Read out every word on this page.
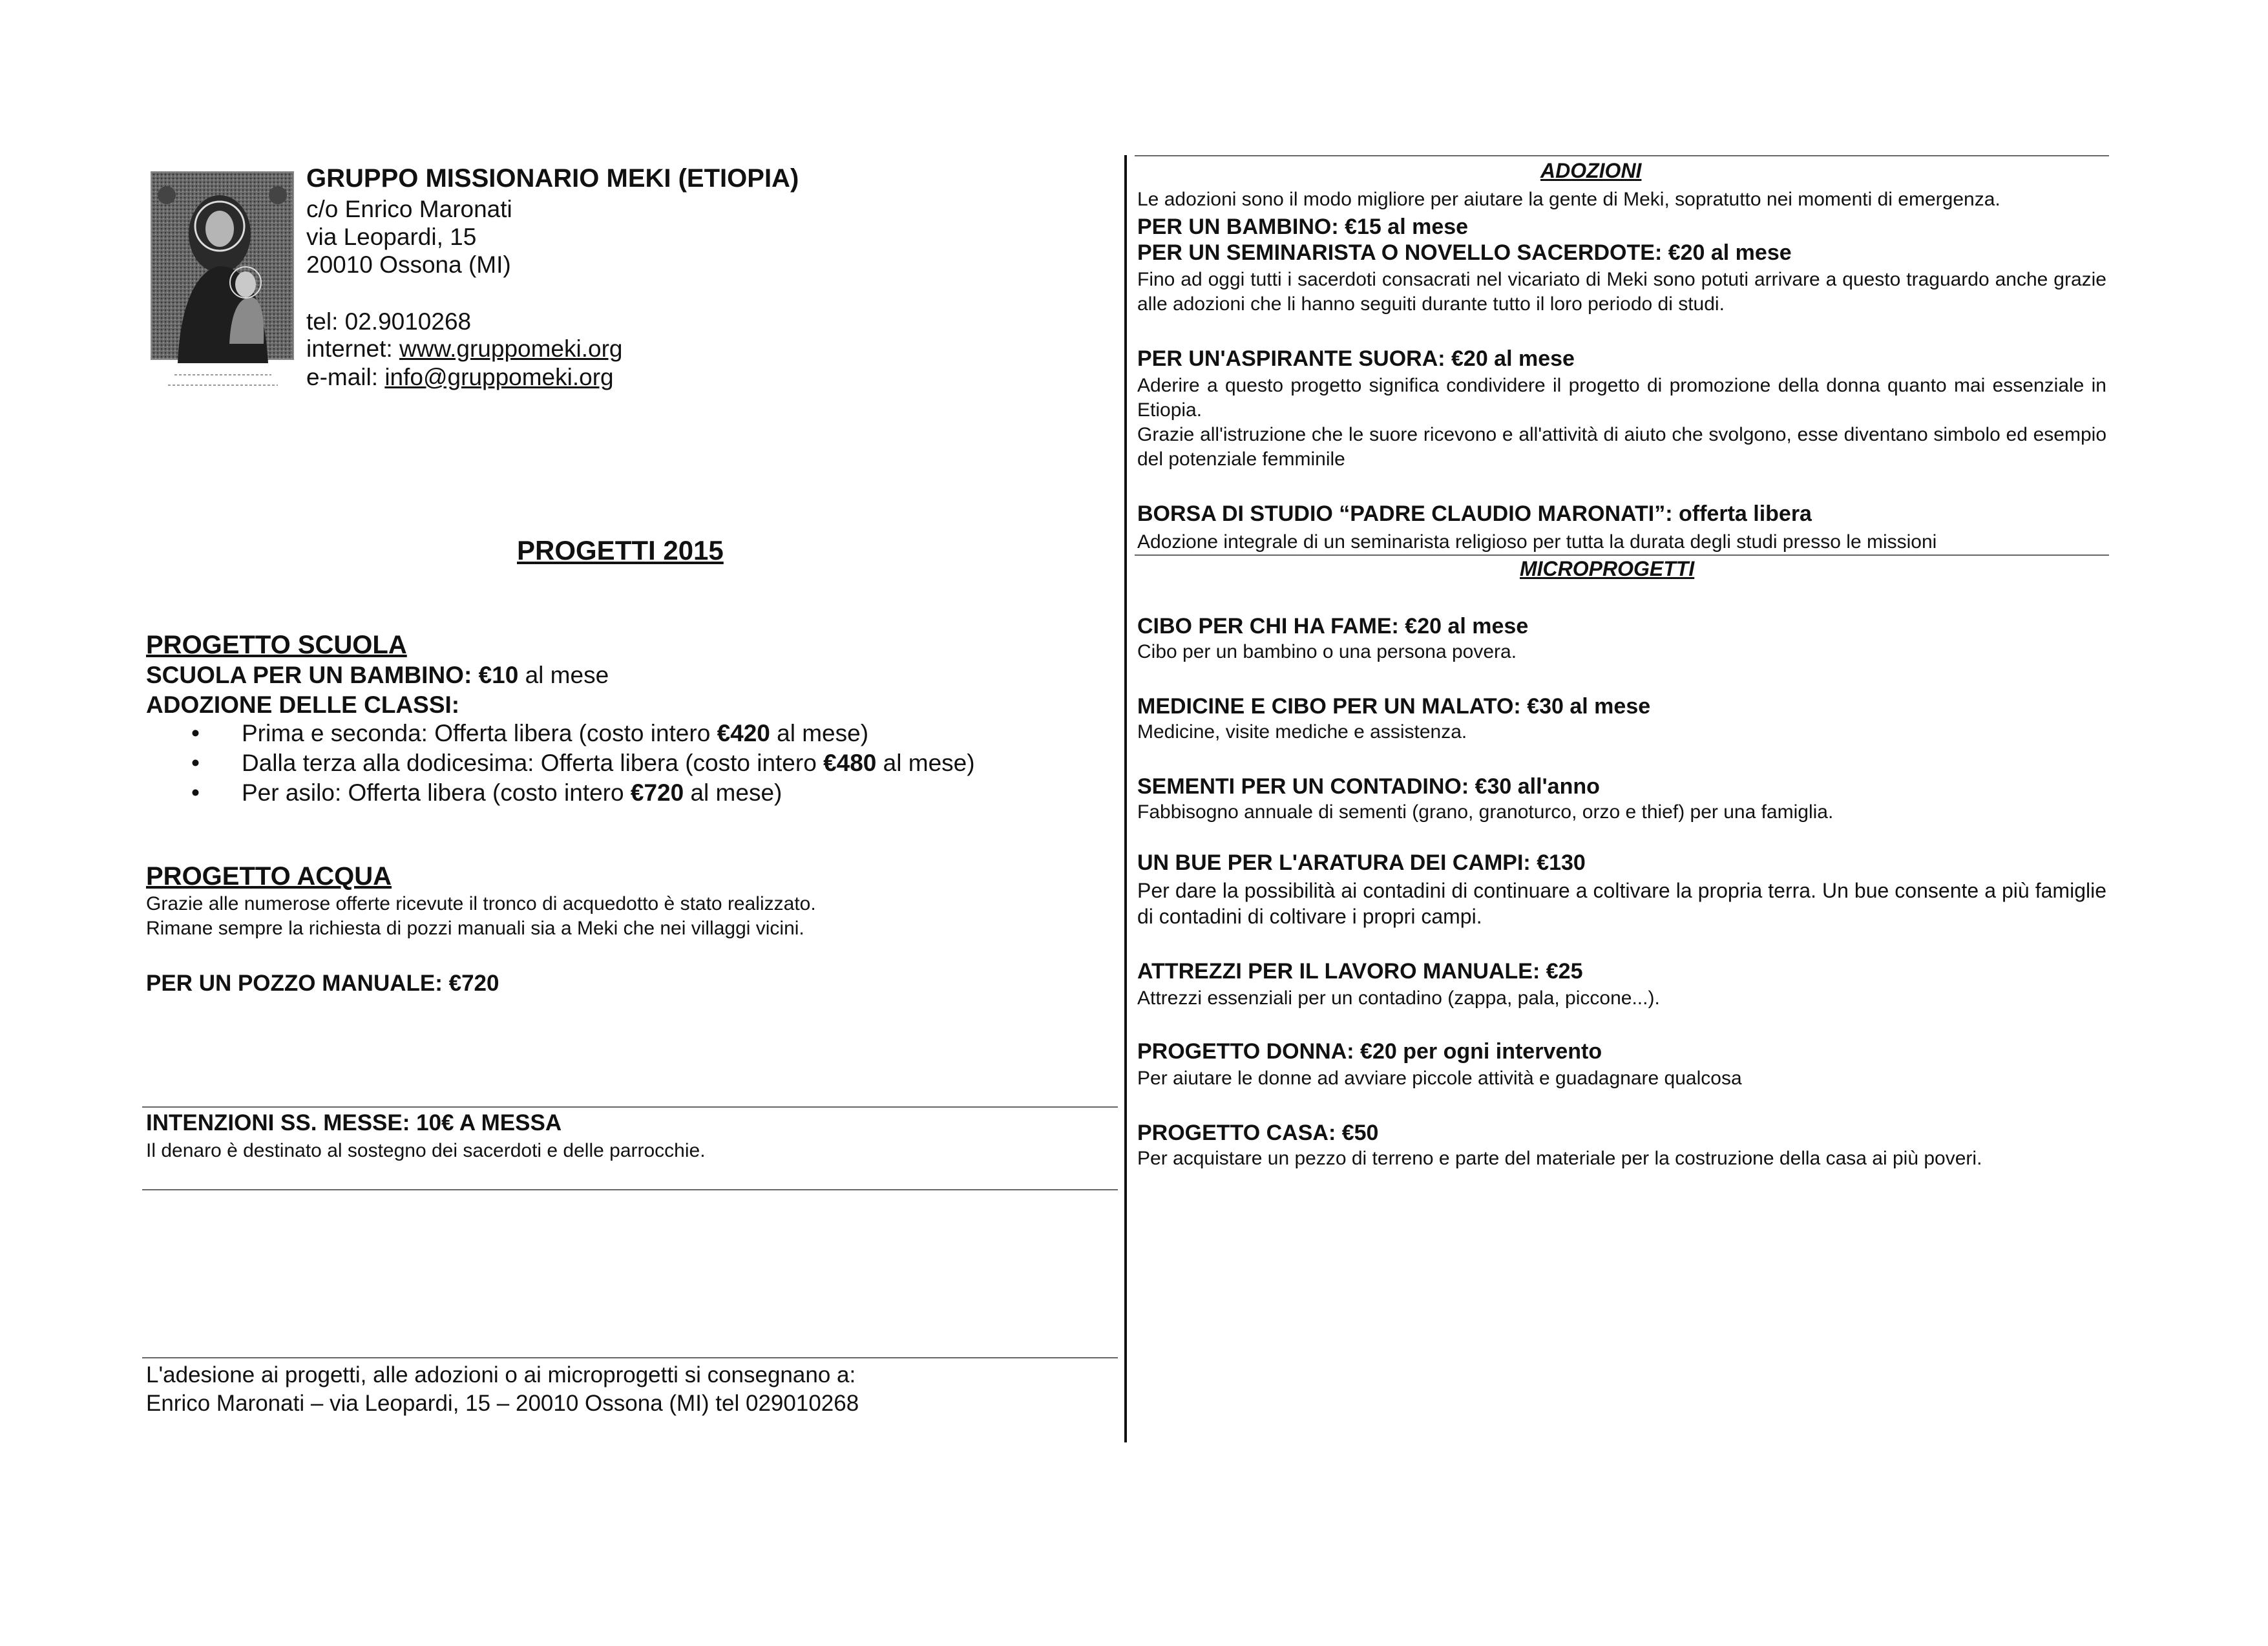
GRUPPO MISSIONARIO MEKI (ETIOPIA)
c/o Enrico Maronati
via Leopardi, 15
20010 Ossona (MI)
tel: 02.9010268
internet: www.gruppomeki.org
e-mail: info@gruppomeki.org
PROGETTI 2015
PROGETTO SCUOLA
SCUOLA PER UN BAMBINO: €10 al mese
ADOZIONE DELLE CLASSI:
• Prima e seconda: Offerta libera (costo intero €420 al mese)
• Dalla terza alla dodicesima: Offerta libera (costo intero €480 al mese)
• Per asilo: Offerta libera (costo intero €720 al mese)
PROGETTO ACQUA
Grazie alle numerose offerte ricevute il tronco di acquedotto è stato realizzato.
Rimane sempre la richiesta di pozzi manuali sia a Meki che nei villaggi vicini.
PER UN POZZO MANUALE: €720
INTENZIONI SS. MESSE: 10€ A MESSA
Il denaro è destinato al sostegno dei sacerdoti e delle parrocchie.
L'adesione ai progetti, alle adozioni o ai microprogetti si consegnano a:
Enrico Maronati – via Leopardi, 15 – 20010 Ossona (MI) tel 029010268
ADOZIONI
Le adozioni sono il modo migliore per aiutare la gente di Meki, sopratutto nei momenti di emergenza.
PER UN BAMBINO: €15 al mese
PER UN SEMINARISTA O NOVELLO SACERDOTE: €20 al mese
Fino ad oggi tutti i sacerdoti consacrati nel vicariato di Meki sono potuti arrivare a questo traguardo anche grazie alle adozioni che li hanno seguiti durante tutto il loro periodo di studi.
PER UN'ASPIRANTE SUORA: €20 al mese
Aderire a questo progetto significa condividere il progetto di promozione della donna quanto mai essenziale in Etiopia.
Grazie all'istruzione che le suore ricevono e all'attività di aiuto che svolgono, esse diventano simbolo ed esempio del potenziale femminile
BORSA DI STUDIO “PADRE CLAUDIO MARONATI”: offerta libera
Adozione integrale di un seminarista religioso per tutta la durata degli studi presso le missioni
MICROPROGETTI
CIBO PER CHI HA FAME: €20 al mese
Cibo per un bambino o una persona povera.
MEDICINE E CIBO PER UN MALATO: €30 al mese
Medicine, visite mediche e assistenza.
SEMENTI PER UN CONTADINO: €30 all'anno
Fabbisogno annuale di sementi (grano, granoturco, orzo e thief) per una famiglia.
UN BUE PER L'ARATURA DEI CAMPI: €130
Per dare la possibilità ai contadini di continuare a coltivare la propria terra. Un bue consente a più famiglie di contadini di coltivare i propri campi.
ATTREZZI PER IL LAVORO MANUALE: €25
Attrezzi essenziali per un contadino (zappa, pala, piccone...).
PROGETTO DONNA: €20 per ogni intervento
Per aiutare le donne ad avviare piccole attività e guadagnare qualcosa
PROGETTO CASA: €50
Per acquistare un pezzo di terreno e parte del materiale per la costruzione della casa ai più poveri.
